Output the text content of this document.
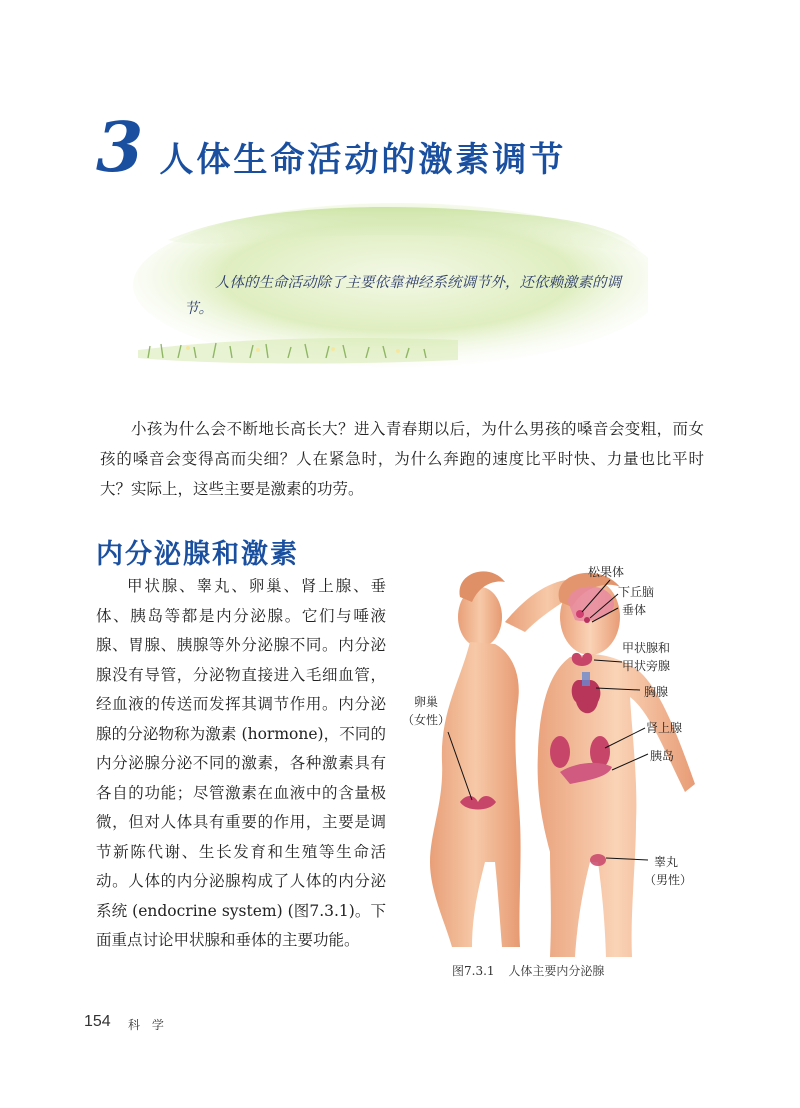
3 人体生命活动的激素调节
人体的生命活动除了主要依靠神经系统调节外，还依赖激素的调节。
小孩为什么会不断地长高长大？进入青春期以后，为什么男孩的嗓音会变粗，而女孩的嗓音会变得高而尖细？人在紧急时，为什么奔跑的速度比平时快、力量也比平时大？实际上，这些主要是激素的功劳。
内分泌腺和激素
甲状腺、睾丸、卵巢、肾上腺、垂体、胰岛等都是内分泌腺。它们与唾液腺、胃腺、胰腺等外分泌腺不同。内分泌腺没有导管，分泌物直接进入毛细血管，经血液的传送而发挥其调节作用。内分泌腺的分泌物称为激素 (hormone)，不同的内分泌腺分泌不同的激素，各种激素具有各自的功能；尽管激素在血液中的含量极微，但对人体具有重要的作用，主要是调节新陈代谢、生长发育和生殖等生命活动。人体的内分泌腺构成了人体的内分泌系统 (endocrine system) (图7.3.1)。下面重点讨论甲状腺和垂体的主要功能。
松果体
下丘脑
垂体
甲状腺和
甲状旁腺
胸腺
肾上腺
胰岛
卵巢
（女性）
睾丸
（男性）
图7.3.1 人体主要内分泌腺
154 科 学
